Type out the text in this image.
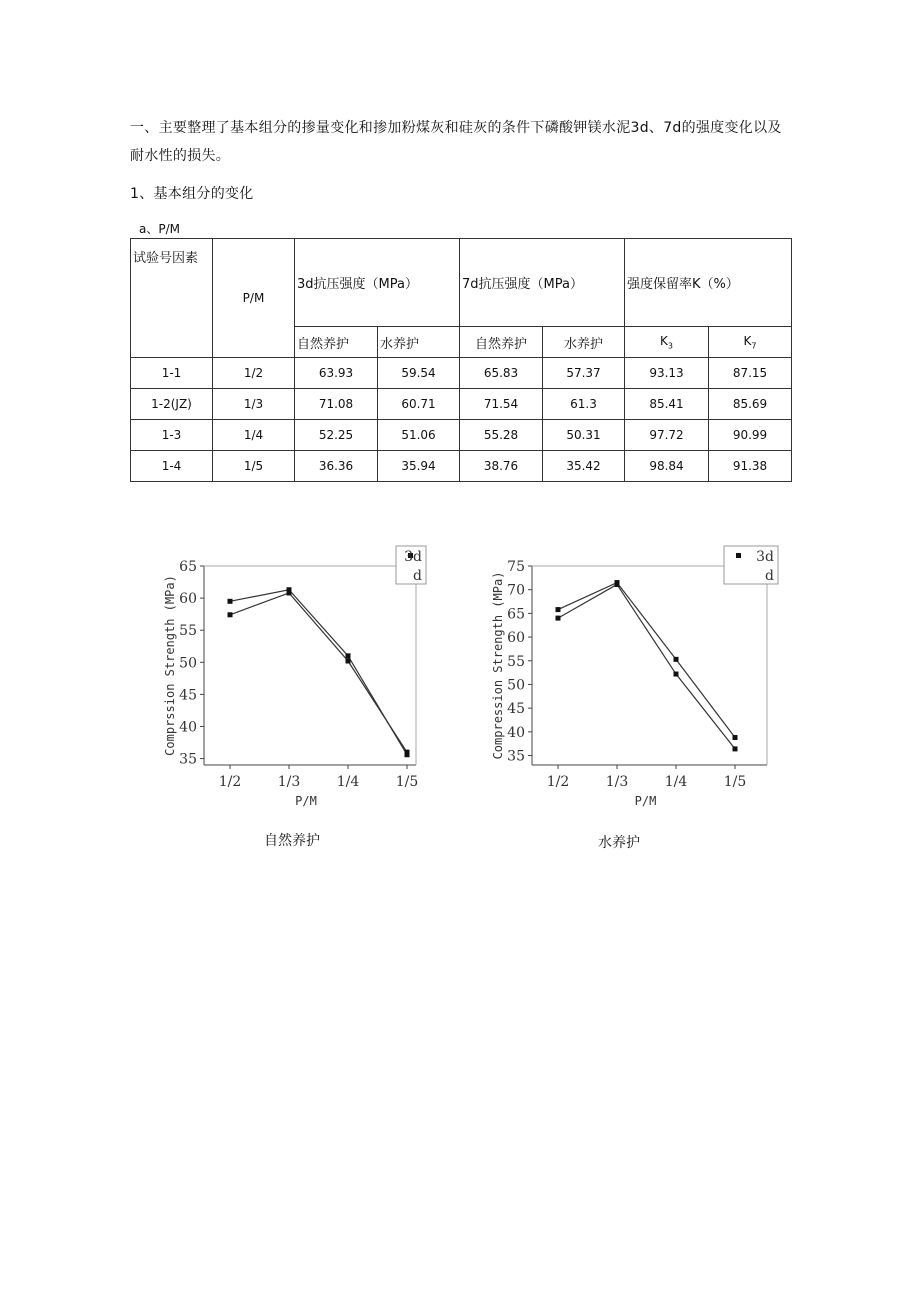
一、主要整理了基本组分的掺量变化和掺加粉煤灰和硅灰的条件下磷酸钾镁水泥3d、7d的强度变化以及耐水性的损失。
1、基本组分的变化
a、P/M
试验号因素	P/M	3d抗压强度（MPa）		7d抗压强度（MPa）		强度保留率K（%）	
		自然养护	水养护	自然养护	水养护	$K_3$	$K_7$
1-1	1/2	63.93	59.54	65.83	57.37	93.13	87.15
1-2(JZ)	1/3	71.08	60.71	71.54	61.3	85.41	85.69
1-3	1/4	52.25	51.06	55.28	50.31	97.72	90.99
1-4	1/5	36.36	35.94	38.76	35.42	98.84	91.38
35
40
45
50
55
60
65
1/2	1/3	1/4	1/5
P/M
Comprssion Strength (MPa)
3d
d
35
40
45
50
55
60
65
70
75
1/2	1/3	1/4	1/5
P/M
Compression Strength (MPa)
3d
d
自然养护	水养护
